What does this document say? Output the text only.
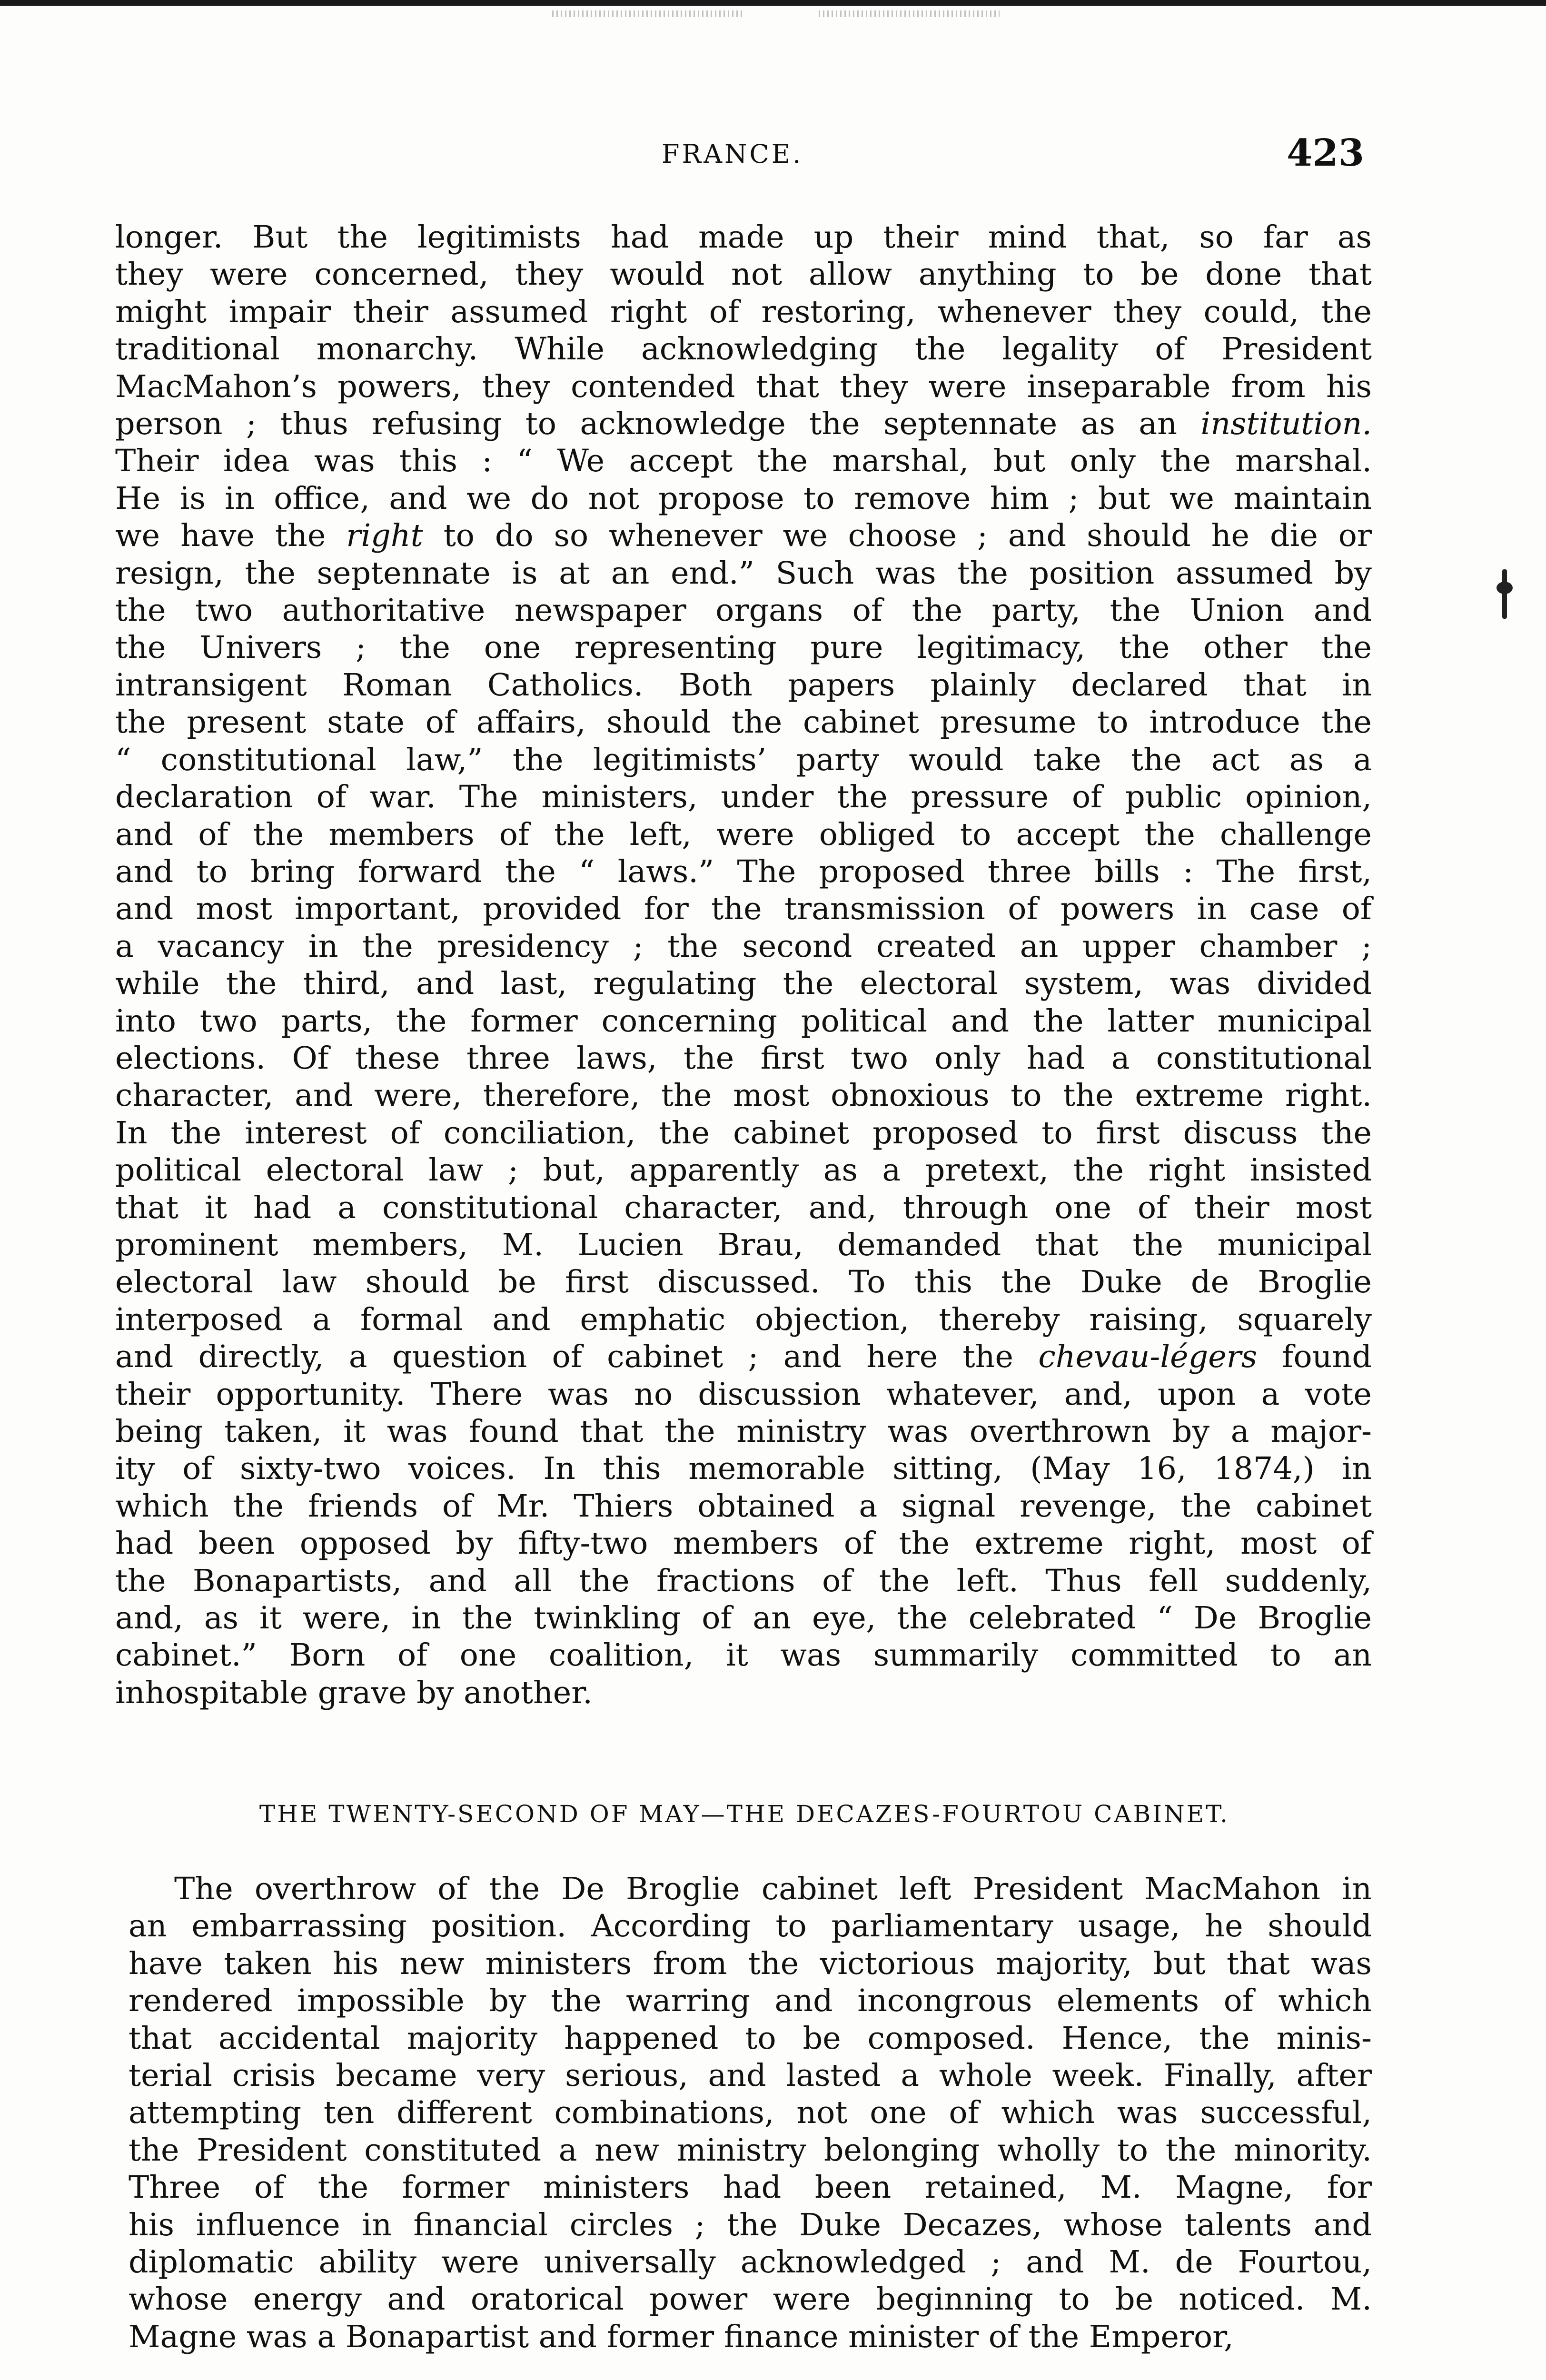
FRANCE.	423
longer. But the legitimists had made up their mind that, so far as
they were concerned, they would not allow anything to be done that
might impair their assumed right of restoring, whenever they could, the
traditional monarchy. While acknowledging the legality of President
MacMahon’s powers, they contended that they were inseparable from his
person ; thus refusing to acknowledge the septennate as an institution.
Their idea was this : “ We accept the marshal, but only the marshal.
He is in office, and we do not propose to remove him ; but we maintain
we have the right to do so whenever we choose ; and should he die or
resign, the septennate is at an end.” Such was the position assumed by
the two authoritative newspaper organs of the party, the Union and
the Univers ; the one representing pure legitimacy, the other the
intransigent Roman Catholics. Both papers plainly declared that in
the present state of affairs, should the cabinet presume to introduce the
“ constitutional law,” the legitimists’ party would take the act as a
declaration of war. The ministers, under the pressure of public opinion,
and of the members of the left, were obliged to accept the challenge
and to bring forward the “ laws.” The proposed three bills : The first,
and most important, provided for the transmission of powers in case of
a vacancy in the presidency ; the second created an upper chamber ;
while the third, and last, regulating the electoral system, was divided
into two parts, the former concerning political and the latter municipal
elections. Of these three laws, the first two only had a constitutional
character, and were, therefore, the most obnoxious to the extreme right.
In the interest of conciliation, the cabinet proposed to first discuss the
political electoral law ; but, apparently as a pretext, the right insisted
that it had a constitutional character, and, through one of their most
prominent members, M. Lucien Brau, demanded that the municipal
electoral law should be first discussed. To this the Duke de Broglie
interposed a formal and emphatic objection, thereby raising, squarely
and directly, a question of cabinet ; and here the chevau-légers found
their opportunity. There was no discussion whatever, and, upon a vote
being taken, it was found that the ministry was overthrown by a major-
ity of sixty-two voices. In this memorable sitting, (May 16, 1874,) in
which the friends of Mr. Thiers obtained a signal revenge, the cabinet
had been opposed by fifty-two members of the extreme right, most of
the Bonapartists, and all the fractions of the left. Thus fell suddenly,
and, as it were, in the twinkling of an eye, the celebrated “ De Broglie
cabinet.” Born of one coalition, it was summarily committed to an
inhospitable grave by another.
THE TWENTY-SECOND OF MAY—THE DECAZES-FOURTOU CABINET.
The overthrow of the De Broglie cabinet left President MacMahon in
an embarrassing position. According to parliamentary usage, he should
have taken his new ministers from the victorious majority, but that was
rendered impossible by the warring and incongrous elements of which
that accidental majority happened to be composed. Hence, the minis-
terial crisis became very serious, and lasted a whole week. Finally, after
attempting ten different combinations, not one of which was successful,
the President constituted a new ministry belonging wholly to the minority.
Three of the former ministers had been retained, M. Magne, for
his influence in financial circles ; the Duke Decazes, whose talents and
diplomatic ability were universally acknowledged ; and M. de Fourtou,
whose energy and oratorical power were beginning to be noticed. M.
Magne was a Bonapartist and former finance minister of the Emperor,
